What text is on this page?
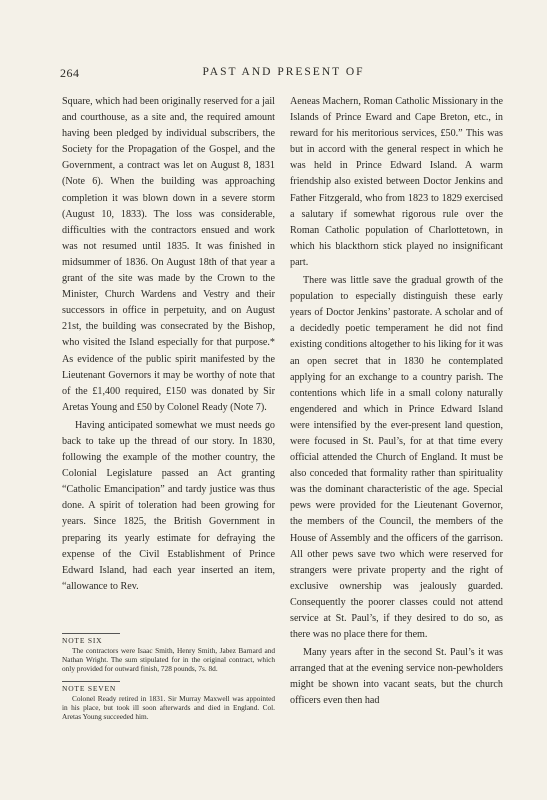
264	PAST AND PRESENT OF

Square, which had been originally reserved for a jail and courthouse, as a site and, the required amount having been pledged by individual subscribers, the Society for the Propagation of the Gospel, and the Government, a contract was let on August 8, 1831 (Note 6). When the building was approaching completion it was blown down in a severe storm (August 10, 1833). The loss was considerable, difficulties with the contractors ensued and work was not resumed until 1835. It was finished in midsummer of 1836. On August 18th of that year a grant of the site was made by the Crown to the Minister, Church Wardens and Vestry and their successors in office in perpetuity, and on August 21st, the building was consecrated by the Bishop, who visited the Island especially for that purpose.* As evidence of the public spirit manifested by the Lieutenant Governors it may be worthy of note that of the £1,400 required, £150 was donated by Sir Aretas Young and £50 by Colonel Ready (Note 7).

Having anticipated somewhat we must needs go back to take up the thread of our story. In 1830, following the example of the mother country, the Colonial Legislature passed an Act granting “Catholic Emancipation” and tardy justice was thus done. A spirit of toleration had been growing for years. Since 1825, the British Government in preparing its yearly estimate for defraying the expense of the Civil Establishment of Prince Edward Island, had each year inserted an item, “allowance to Rev.

NOTE SIX
The contractors were Isaac Smith, Henry Smith, Jabez Barnard and Nathan Wright. The sum stipulated for in the original contract, which only provided for outward finish, 728 pounds, 7s. 8d.
NOTE SEVEN
Colonel Ready retired in 1831. Sir Murray Maxwell was appointed in his place, but took ill soon afterwards and died in England. Col. Aretas Young succeeded him.

Aeneas Machern, Roman Catholic Missionary in the Islands of Prince Eward and Cape Breton, etc., in reward for his meritorious services, £50.” This was but in accord with the general respect in which he was held in Prince Edward Island. A warm friendship also existed between Doctor Jenkins and Father Fitzgerald, who from 1823 to 1829 exercised a salutary if somewhat rigorous rule over the Roman Catholic population of Charlottetown, in which his blackthorn stick played no insignificant part.

There was little save the gradual growth of the population to especially distinguish these early years of Doctor Jenkins’ pastorate. A scholar and of a decidedly poetic temperament he did not find existing conditions altogether to his liking for it was an open secret that in 1830 he contemplated applying for an exchange to a country parish. The contentions which life in a small colony naturally engendered and which in Prince Edward Island were intensified by the ever-present land question, were focused in St. Paul’s, for at that time every official attended the Church of England. It must be also conceded that formality rather than spirituality was the dominant characteristic of the age. Special pews were provided for the Lieutenant Governor, the members of the Council, the members of the House of Assembly and the officers of the garrison. All other pews save two which were reserved for strangers were private property and the right of exclusive ownership was jealously guarded. Consequently the poorer classes could not attend service at St. Paul’s, if they desired to do so, as there was no place there for them.

Many years after in the second St. Paul’s it was arranged that at the evening service non-pewholders might be shown into vacant seats, but the church officers even then had
